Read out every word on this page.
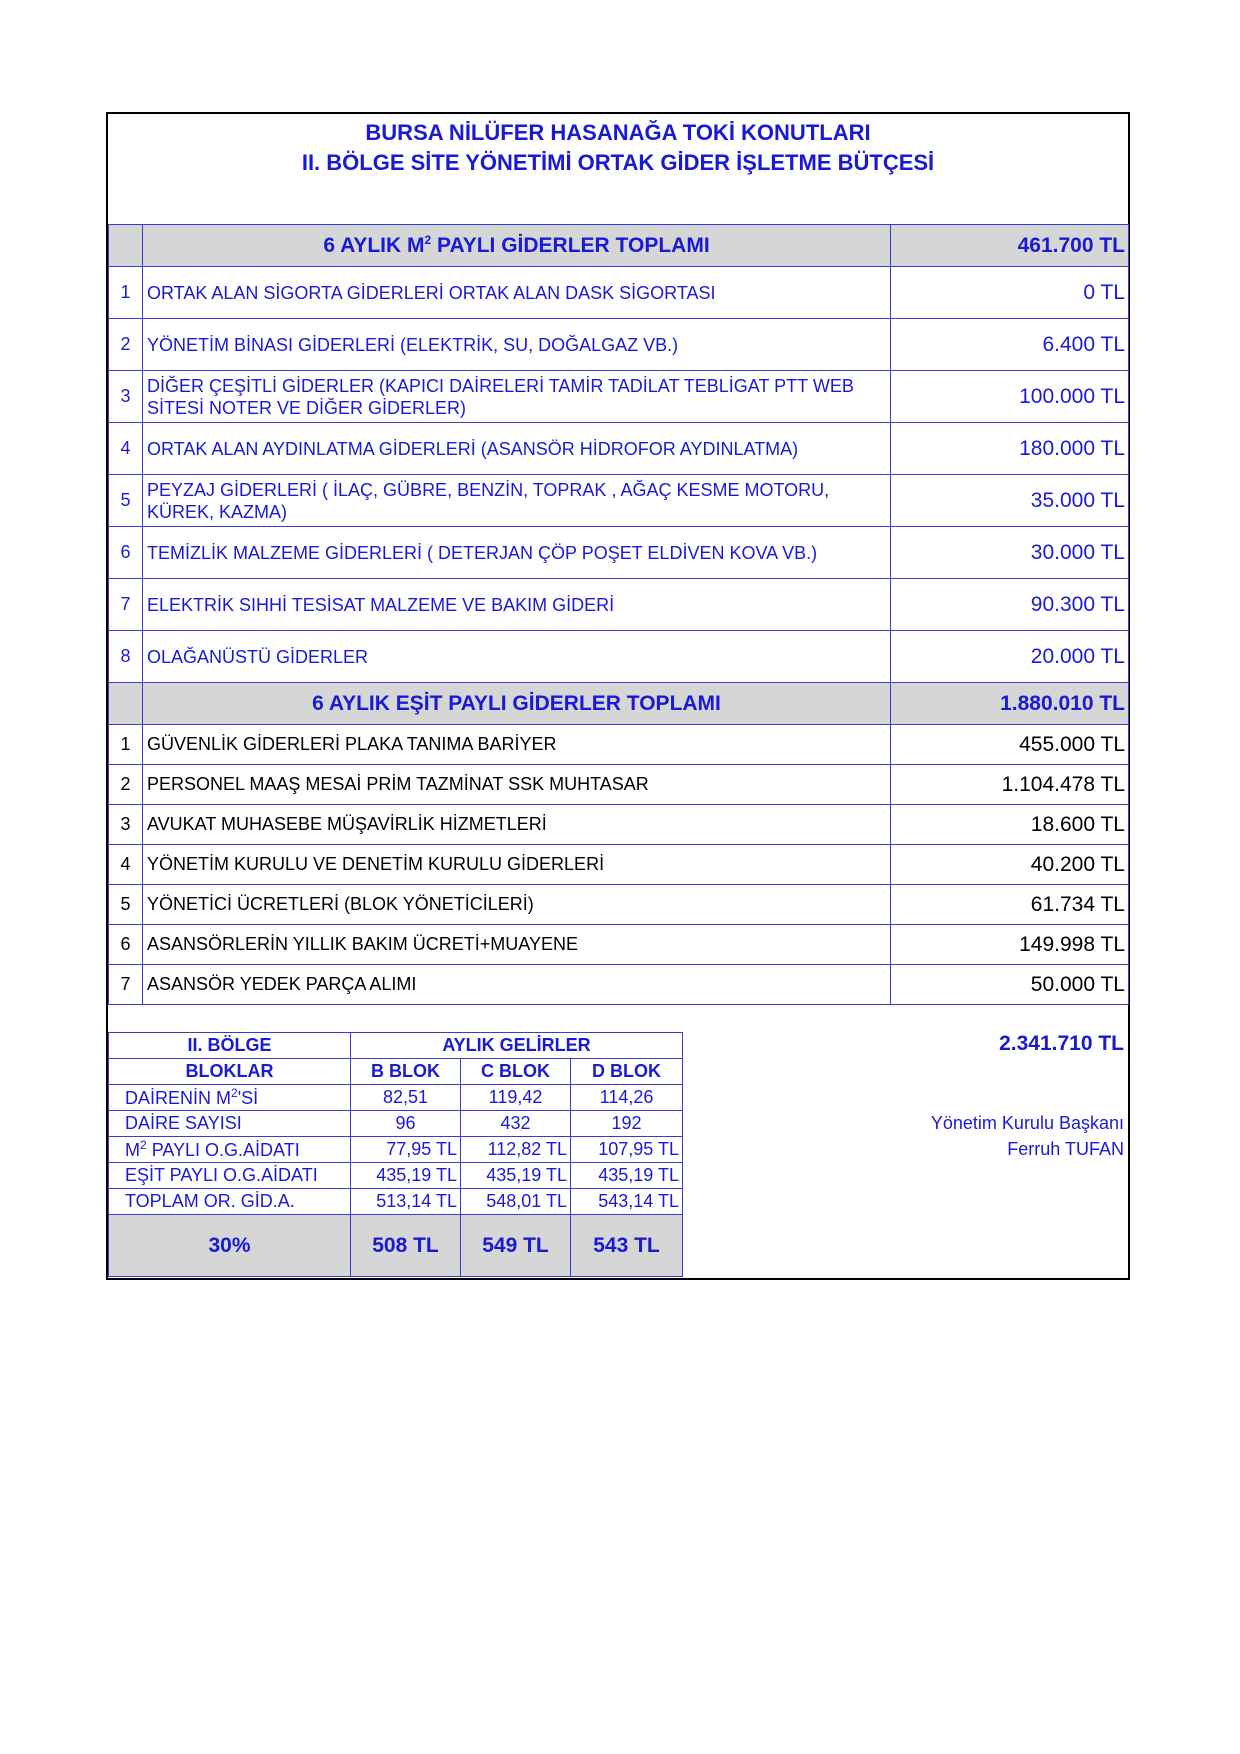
BURSA NİLÜFER HASANAĞA TOKİ KONUTLARI
II. BÖLGE SİTE YÖNETİMİ ORTAK GİDER İŞLETME BÜTÇESİ
	6 AYLIK $M^2$ PAYLI GİDERLER TOPLAMI	461.700 TL
1	ORTAK ALAN SİGORTA GİDERLERİ ORTAK ALAN DASK SİGORTASI	0 TL
2	YÖNETİM BİNASI GİDERLERİ (ELEKTRİK, SU, DOĞALGAZ VB.)	6.400 TL
3	DİĞER ÇEŞİTLİ GİDERLER (KAPICI DAİRELERİ TAMİR TADİLAT TEBLİGAT PTT WEB SİTESİ NOTER VE DİĞER GİDERLER)	100.000 TL
4	ORTAK ALAN AYDINLATMA GİDERLERİ (ASANSÖR HİDROFOR AYDINLATMA)	180.000 TL
5	PEYZAJ GİDERLERİ ( İLAÇ, GÜBRE, BENZİN, TOPRAK , AĞAÇ KESME MOTORU, KÜREK, KAZMA)	35.000 TL
6	TEMİZLİK MALZEME GİDERLERİ ( DETERJAN ÇÖP POŞET ELDİVEN KOVA VB.)	30.000 TL
7	ELEKTRİK SIHHİ TESİSAT MALZEME VE BAKIM GİDERİ	90.300 TL
8	OLAĞANÜSTÜ GİDERLER	20.000 TL
	6 AYLIK EŞİT PAYLI GİDERLER TOPLAMI	1.880.010 TL
1	GÜVENLİK GİDERLERİ PLAKA TANIMA BARİYER	455.000 TL
2	PERSONEL MAAŞ MESAİ PRİM TAZMİNAT SSK MUHTASAR	1.104.478 TL
3	AVUKAT MUHASEBE MÜŞAVİRLİK HİZMETLERİ	18.600 TL
4	YÖNETİM KURULU VE DENETİM KURULU GİDERLERİ	40.200 TL
5	YÖNETİCİ ÜCRETLERİ (BLOK YÖNETİCİLERİ)	61.734 TL
6	ASANSÖRLERİN YILLIK BAKIM ÜCRETİ+MUAYENE	149.998 TL
7	ASANSÖR YEDEK PARÇA ALIMI	50.000 TL
2.341.710 TL
Yönetim Kurulu Başkanı
Ferruh TUFAN
II. BÖLGE	AYLIK GELİRLER		
BLOKLAR	B BLOK	C BLOK	D BLOK
DAİRENİN $M^2'Sİ$	82,51	119,42	114,26
DAİRE SAYISI	96	432	192
$M^2$ PAYLI O.G.AİDATI	77,95 TL	112,82 TL	107,95 TL
EŞİT PAYLI O.G.AİDATI	435,19 TL	435,19 TL	435,19 TL
TOPLAM OR. GİD.A.	513,14 TL	548,01 TL	543,14 TL
30%	508 TL	549 TL	543 TL
